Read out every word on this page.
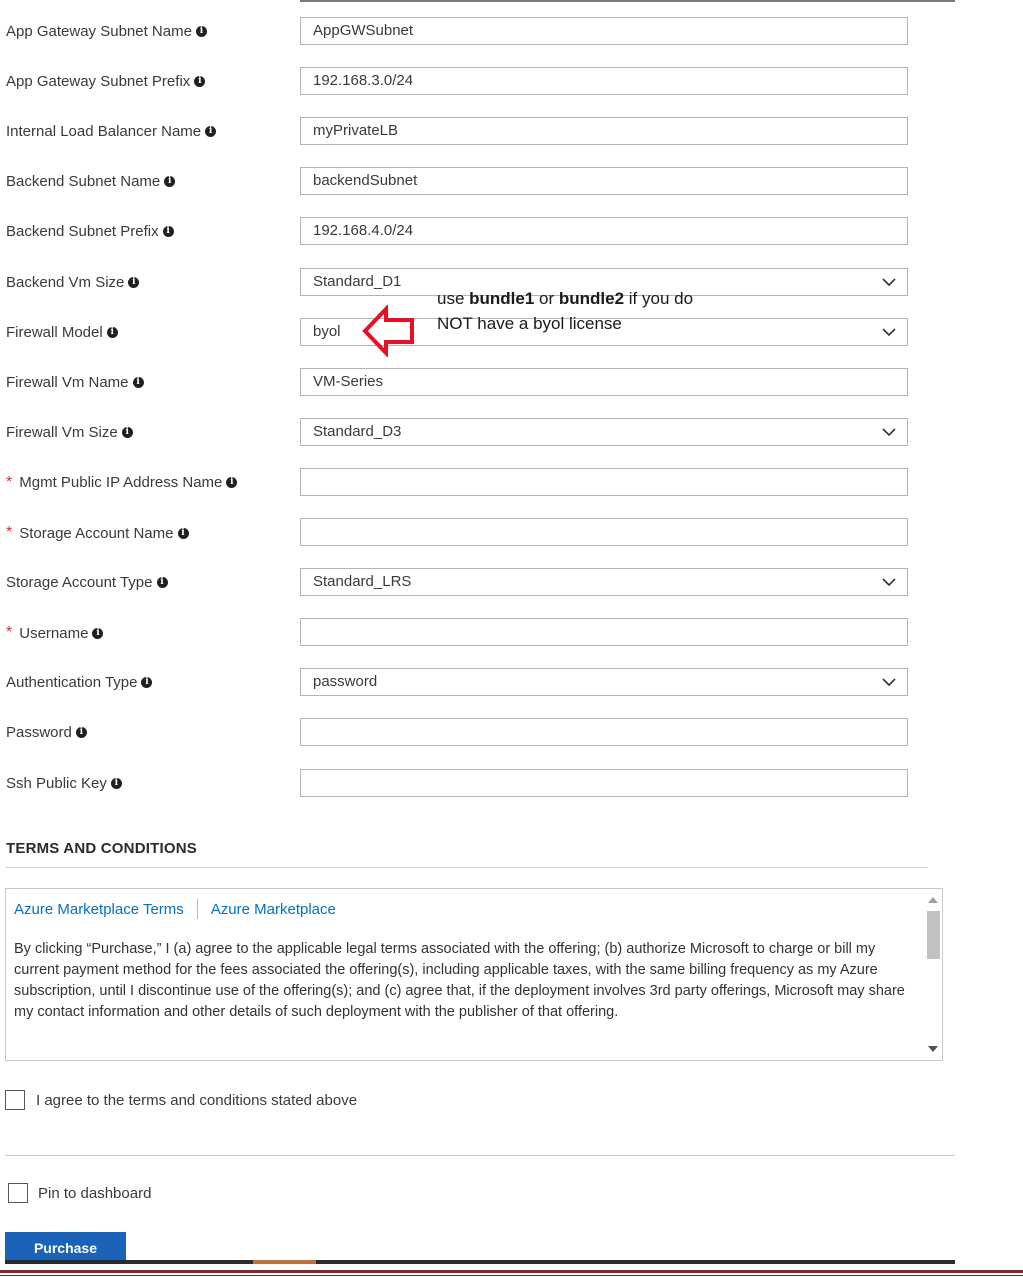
App Gateway Subnet Name i	AppGWSubnet
App Gateway Subnet Prefix i	192.168.3.0/24
Internal Load Balancer Name i	myPrivateLB
Backend Subnet Name i	backendSubnet
Backend Subnet Prefix i	192.168.4.0/24
Backend Vm Size i	Standard_D1
Firewall Model i	byol
Firewall Vm Name i	VM-Series
Firewall Vm Size i	Standard_D3
* Mgmt Public IP Address Name i
* Storage Account Name i
Storage Account Type i	Standard_LRS
* Username i
Authentication Type i	password
Password i
Ssh Public Key i
use bundle1 or bundle2 if you do NOT have a byol license
TERMS AND CONDITIONS
Azure Marketplace Terms Azure Marketplace
By clicking “Purchase,” I (a) agree to the applicable legal terms associated with the offering; (b) authorize Microsoft to charge or bill my current payment method for the fees associated the offering(s), including applicable taxes, with the same billing frequency as my Azure subscription, until I discontinue use of the offering(s); and (c) agree that, if the deployment involves 3rd party offerings, Microsoft may share my contact information and other details of such deployment with the publisher of that offering.
I agree to the terms and conditions stated above
Pin to dashboard
Purchase
